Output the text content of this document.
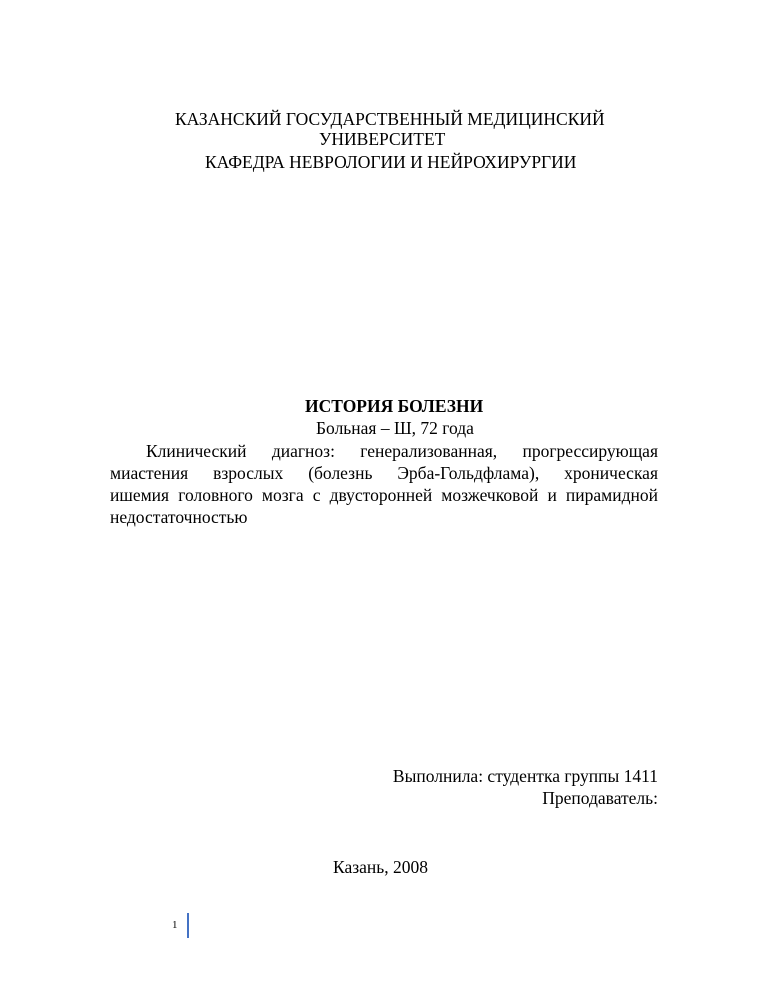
КАЗАНСКИЙ ГОСУДАРСТВЕННЫЙ МЕДИЦИНСКИЙ
УНИВЕРСИТЕТ
КАФЕДРА НЕВРОЛОГИИ И НЕЙРОХИРУРГИИ
ИСТОРИЯ БОЛЕЗНИ
Больная – Ш, 72 года
Клинический диагноз: генерализованная, прогрессирующая
миастения взрослых (болезнь Эрба-Гольдфлама), хроническая
ишемия головного мозга с двусторонней мозжечковой и пирамидной
недостаточностью
Выполнила: студентка группы 1411
Преподаватель:
Казань, 2008
1
